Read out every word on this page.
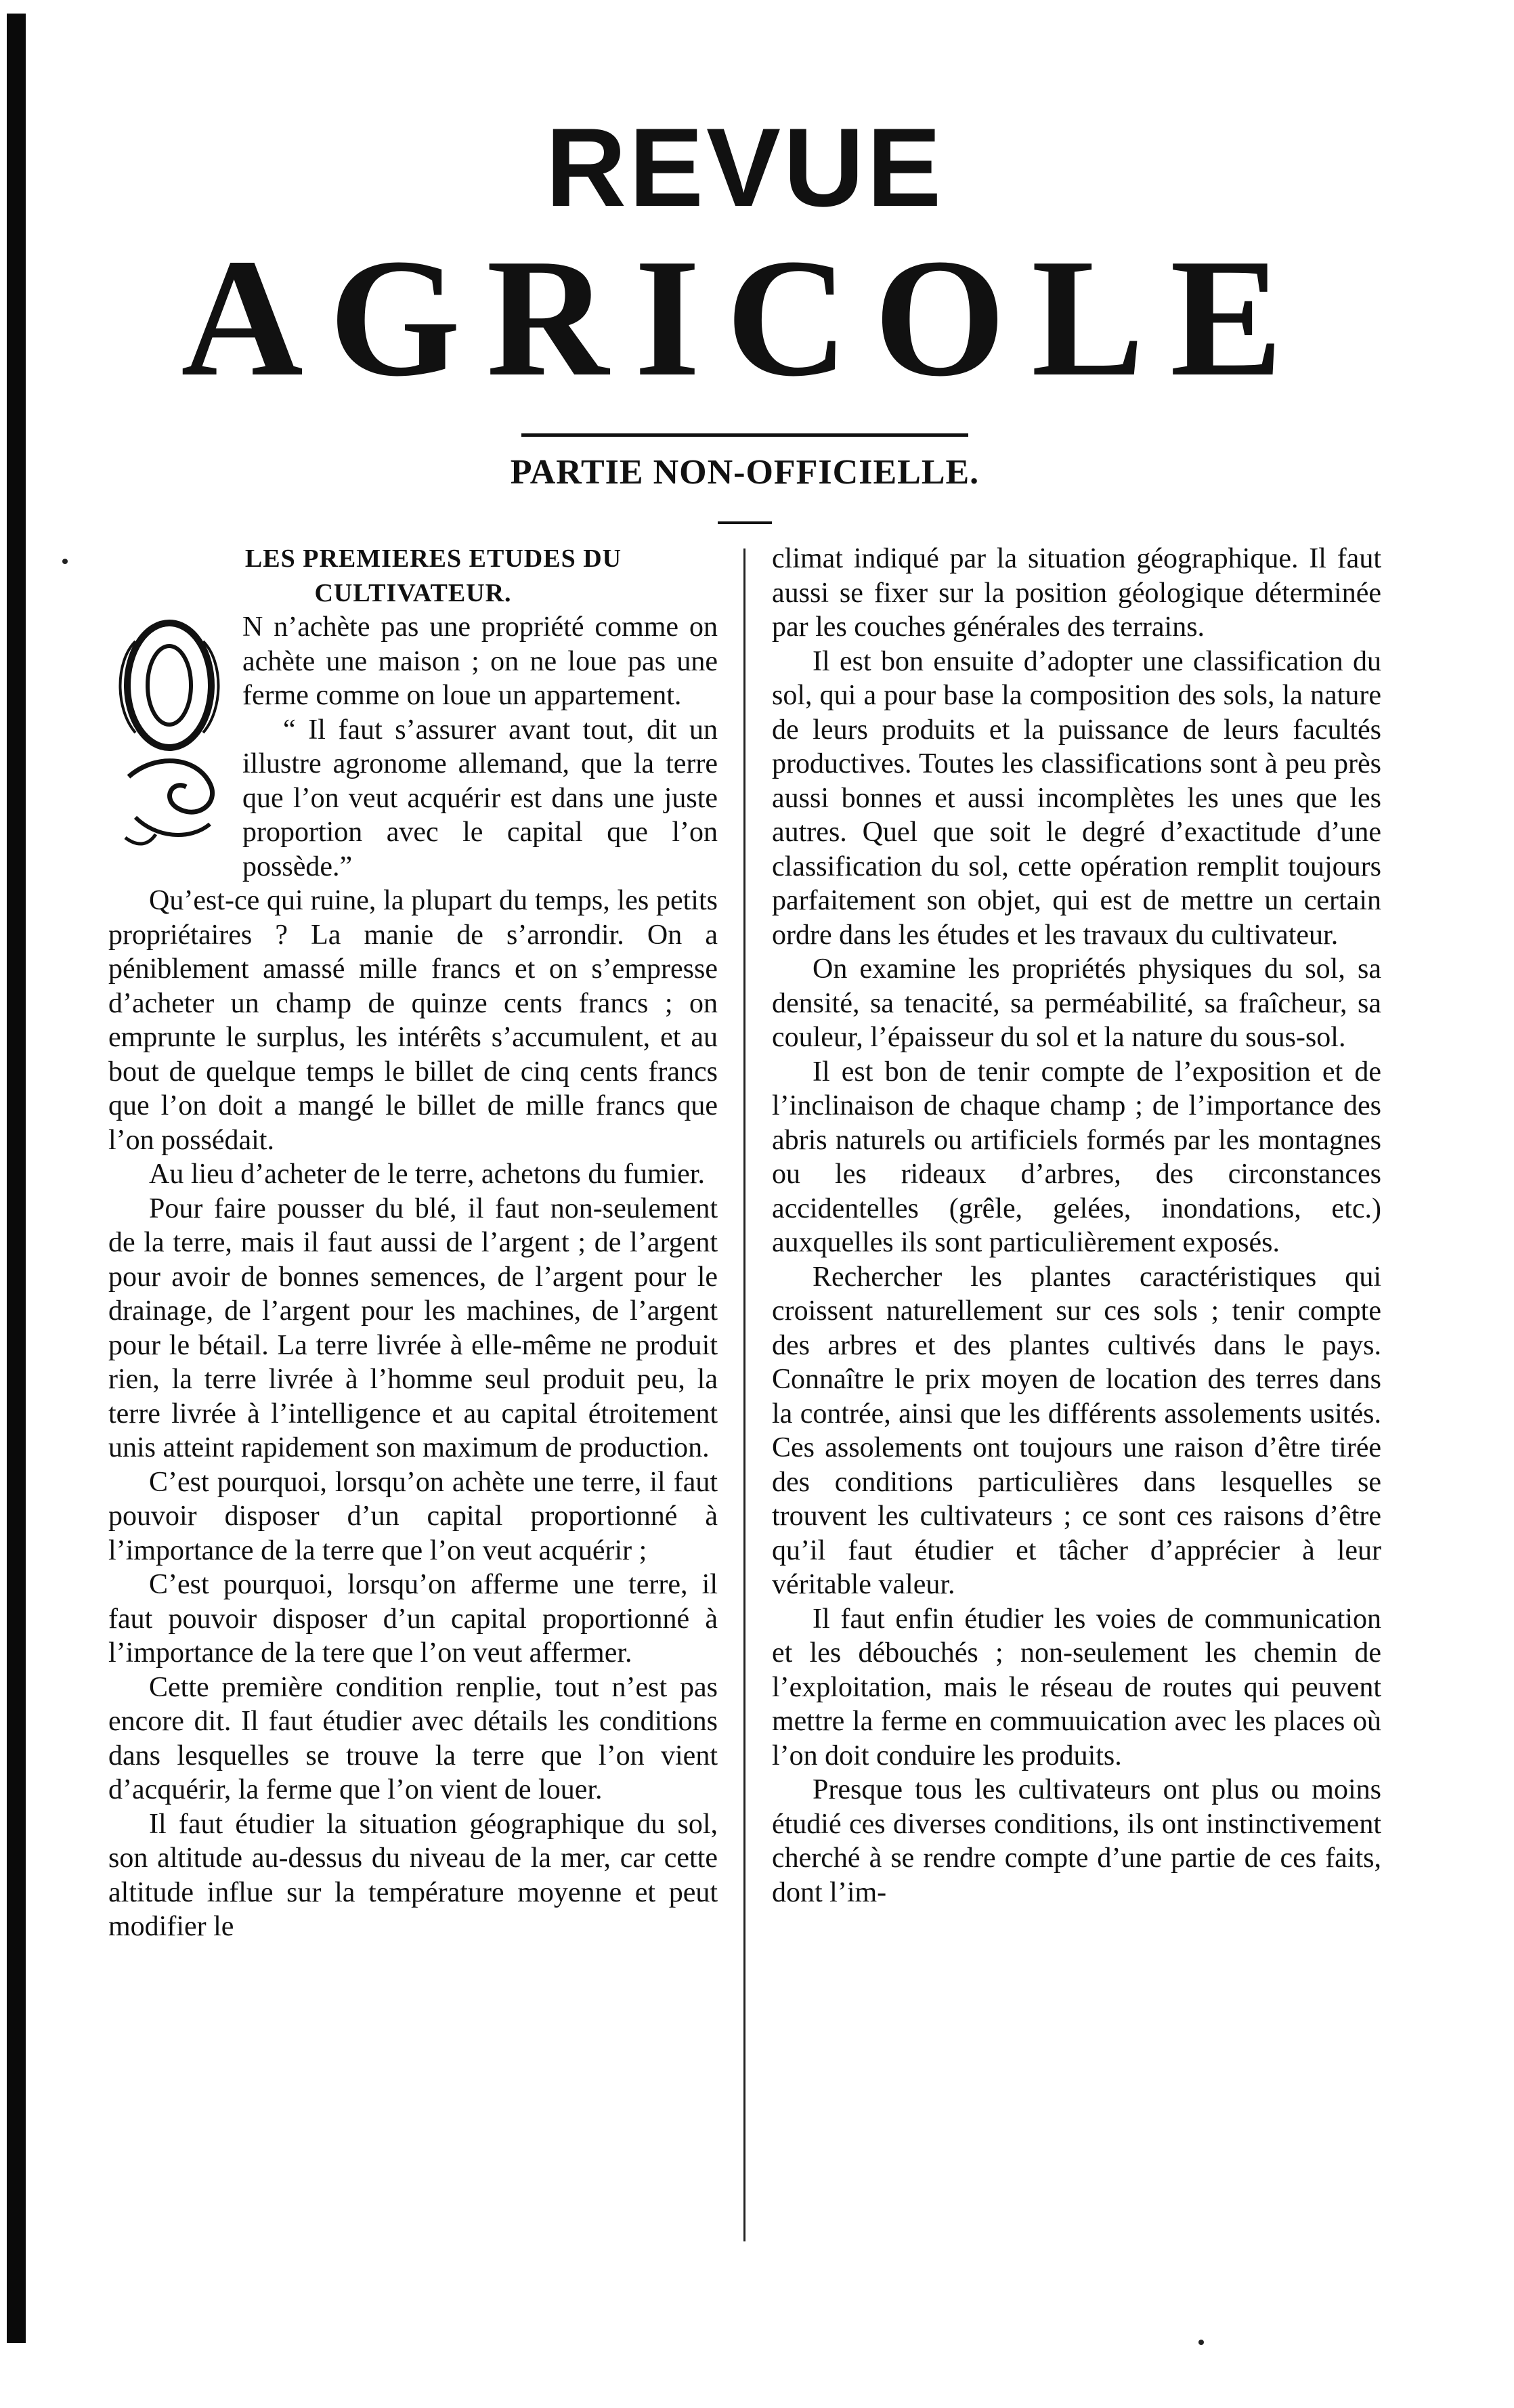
REVUE
AGRICOLE
PARTIE NON-OFFICIELLE.

LES PREMIERES ETUDES DU CULTIVATEUR.

N n’achète pas une propriété comme on achète une maison ; on ne loue pas une ferme comme on loue un appartement.

“ Il faut s’assurer avant tout, dit un illustre agronome allemand, que la terre que l’on veut acquérir est dans une juste proportion avec le capital que l’on possède.”

Qu’est-ce qui ruine, la plupart du temps, les petits propriétaires ? La manie de s’arrondir. On a péniblement amassé mille francs et on s’empresse d’acheter un champ de quinze cents francs ; on emprunte le surplus, les intérêts s’accumulent, et au bout de quelque temps le billet de cinq cents francs que l’on doit a mangé le billet de mille francs que l’on possédait.

Au lieu d’acheter de le terre, achetons du fumier.

Pour faire pousser du blé, il faut non-seulement de la terre, mais il faut aussi de l’argent ; de l’argent pour avoir de bonnes semences, de l’argent pour le drainage, de l’argent pour les machines, de l’argent pour le bétail. La terre livrée à elle-même ne produit rien, la terre livrée à l’homme seul produit peu, la terre livrée à l’intelligence et au capital étroitement unis atteint rapidement son maximum de production.

C’est pourquoi, lorsqu’on achète une terre, il faut pouvoir disposer d’un capital proportionné à l’importance de la terre que l’on veut acquérir ;

C’est pourquoi, lorsqu’on afferme une terre, il faut pouvoir disposer d’un capital proportionné à l’importance de la tere que l’on veut affermer.

Cette première condition renplie, tout n’est pas encore dit. Il faut étudier avec détails les conditions dans lesquelles se trouve la terre que l’on vient d’acquérir, la ferme que l’on vient de louer.

Il faut étudier la situation géographique du sol, son altitude au-dessus du niveau de la mer, car cette altitude influe sur la température moyenne et peut modifier le

climat indiqué par la situation géographique. Il faut aussi se fixer sur la position géologique déterminée par les couches générales des terrains.

Il est bon ensuite d’adopter une classification du sol, qui a pour base la composition des sols, la nature de leurs produits et la puissance de leurs facultés productives. Toutes les classifications sont à peu près aussi bonnes et aussi incomplètes les unes que les autres. Quel que soit le degré d’exactitude d’une classification du sol, cette opération remplit toujours parfaitement son objet, qui est de mettre un certain ordre dans les études et les travaux du cultivateur.

On examine les propriétés physiques du sol, sa densité, sa tenacité, sa perméabilité, sa fraîcheur, sa couleur, l’épaisseur du sol et la nature du sous-sol.

Il est bon de tenir compte de l’exposition et de l’inclinaison de chaque champ ; de l’importance des abris naturels ou artificiels formés par les montagnes ou les rideaux d’arbres, des circonstances accidentelles (grêle, gelées, inondations, etc.) auxquelles ils sont particulièrement exposés.

Rechercher les plantes caractéristiques qui croissent naturellement sur ces sols ; tenir compte des arbres et des plantes cultivés dans le pays. Connaître le prix moyen de location des terres dans la contrée, ainsi que les différents assolements usités. Ces assolements ont toujours une raison d’être tirée des conditions particulières dans lesquelles se trouvent les cultivateurs ; ce sont ces raisons d’être qu’il faut étudier et tâcher d’apprécier à leur véritable valeur.

Il faut enfin étudier les voies de communication et les débouchés ; non-seulement les chemin de l’exploitation, mais le réseau de routes qui peuvent mettre la ferme en commuuication avec les places où l’on doit conduire les produits.

Presque tous les cultivateurs ont plus ou moins étudié ces diverses conditions, ils ont instinctivement cherché à se rendre compte d’une partie de ces faits, dont l’im-
